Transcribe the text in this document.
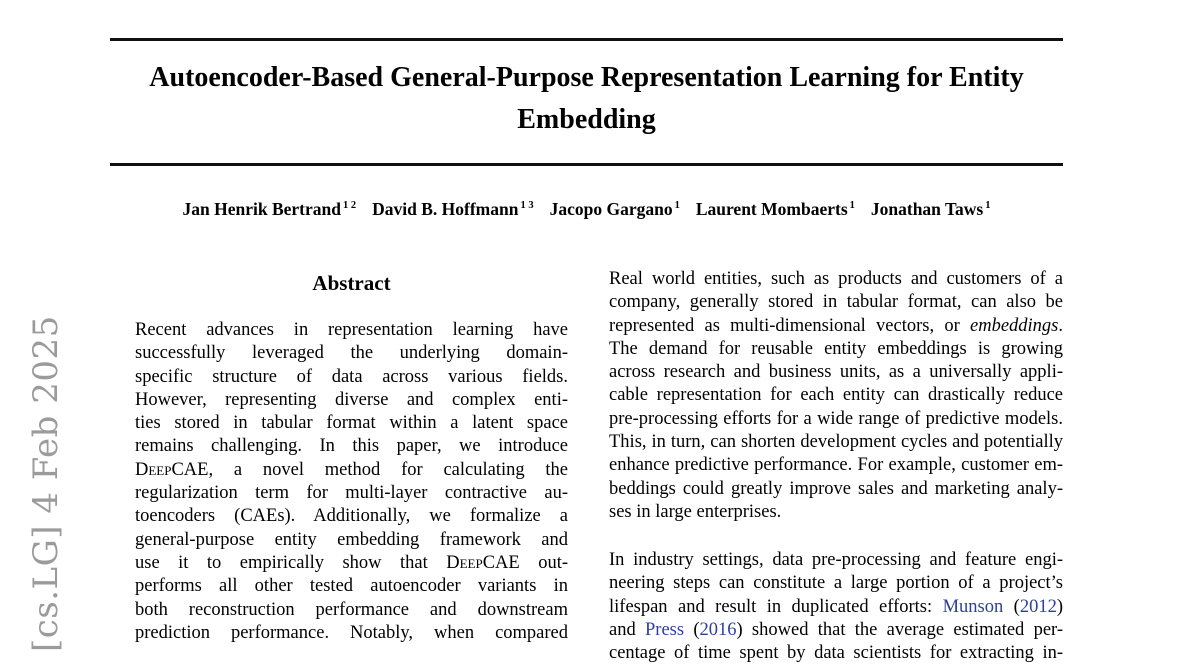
[cs.LG] 4 Feb 2025
Autoencoder-Based General-Purpose Representation Learning for Entity
Embedding
Jan Henrik Bertrand $^{1 2}$ David B. Hoffmann $^{1 3}$ Jacopo Gargano $^1$ Laurent Mombaerts $^1$ Jonathan Taws $^1$
Abstract
Recent advances in representation learning have
successfully leveraged the underlying domain-
specific structure of data across various fields.
However, representing diverse and complex enti-
ties stored in tabular format within a latent space
remains challenging. In this paper, we introduce
DeepCAE, a novel method for calculating the
regularization term for multi-layer contractive au-
toencoders (CAEs). Additionally, we formalize a
general-purpose entity embedding framework and
use it to empirically show that DeepCAE out-
performs all other tested autoencoder variants in
both reconstruction performance and downstream
prediction performance. Notably, when compared
Real world entities, such as products and customers of a
company, generally stored in tabular format, can also be
represented as multi-dimensional vectors, or embeddings.
The demand for reusable entity embeddings is growing
across research and business units, as a universally appli-
cable representation for each entity can drastically reduce
pre-processing efforts for a wide range of predictive models.
This, in turn, can shorten development cycles and potentially
enhance predictive performance. For example, customer em-
beddings could greatly improve sales and marketing analy-
ses in large enterprises.
In industry settings, data pre-processing and feature engi-
neering steps can constitute a large portion of a project’s
lifespan and result in duplicated efforts: Munson (2012)
and Press (2016) showed that the average estimated per-
centage of time spent by data scientists for extracting in-
